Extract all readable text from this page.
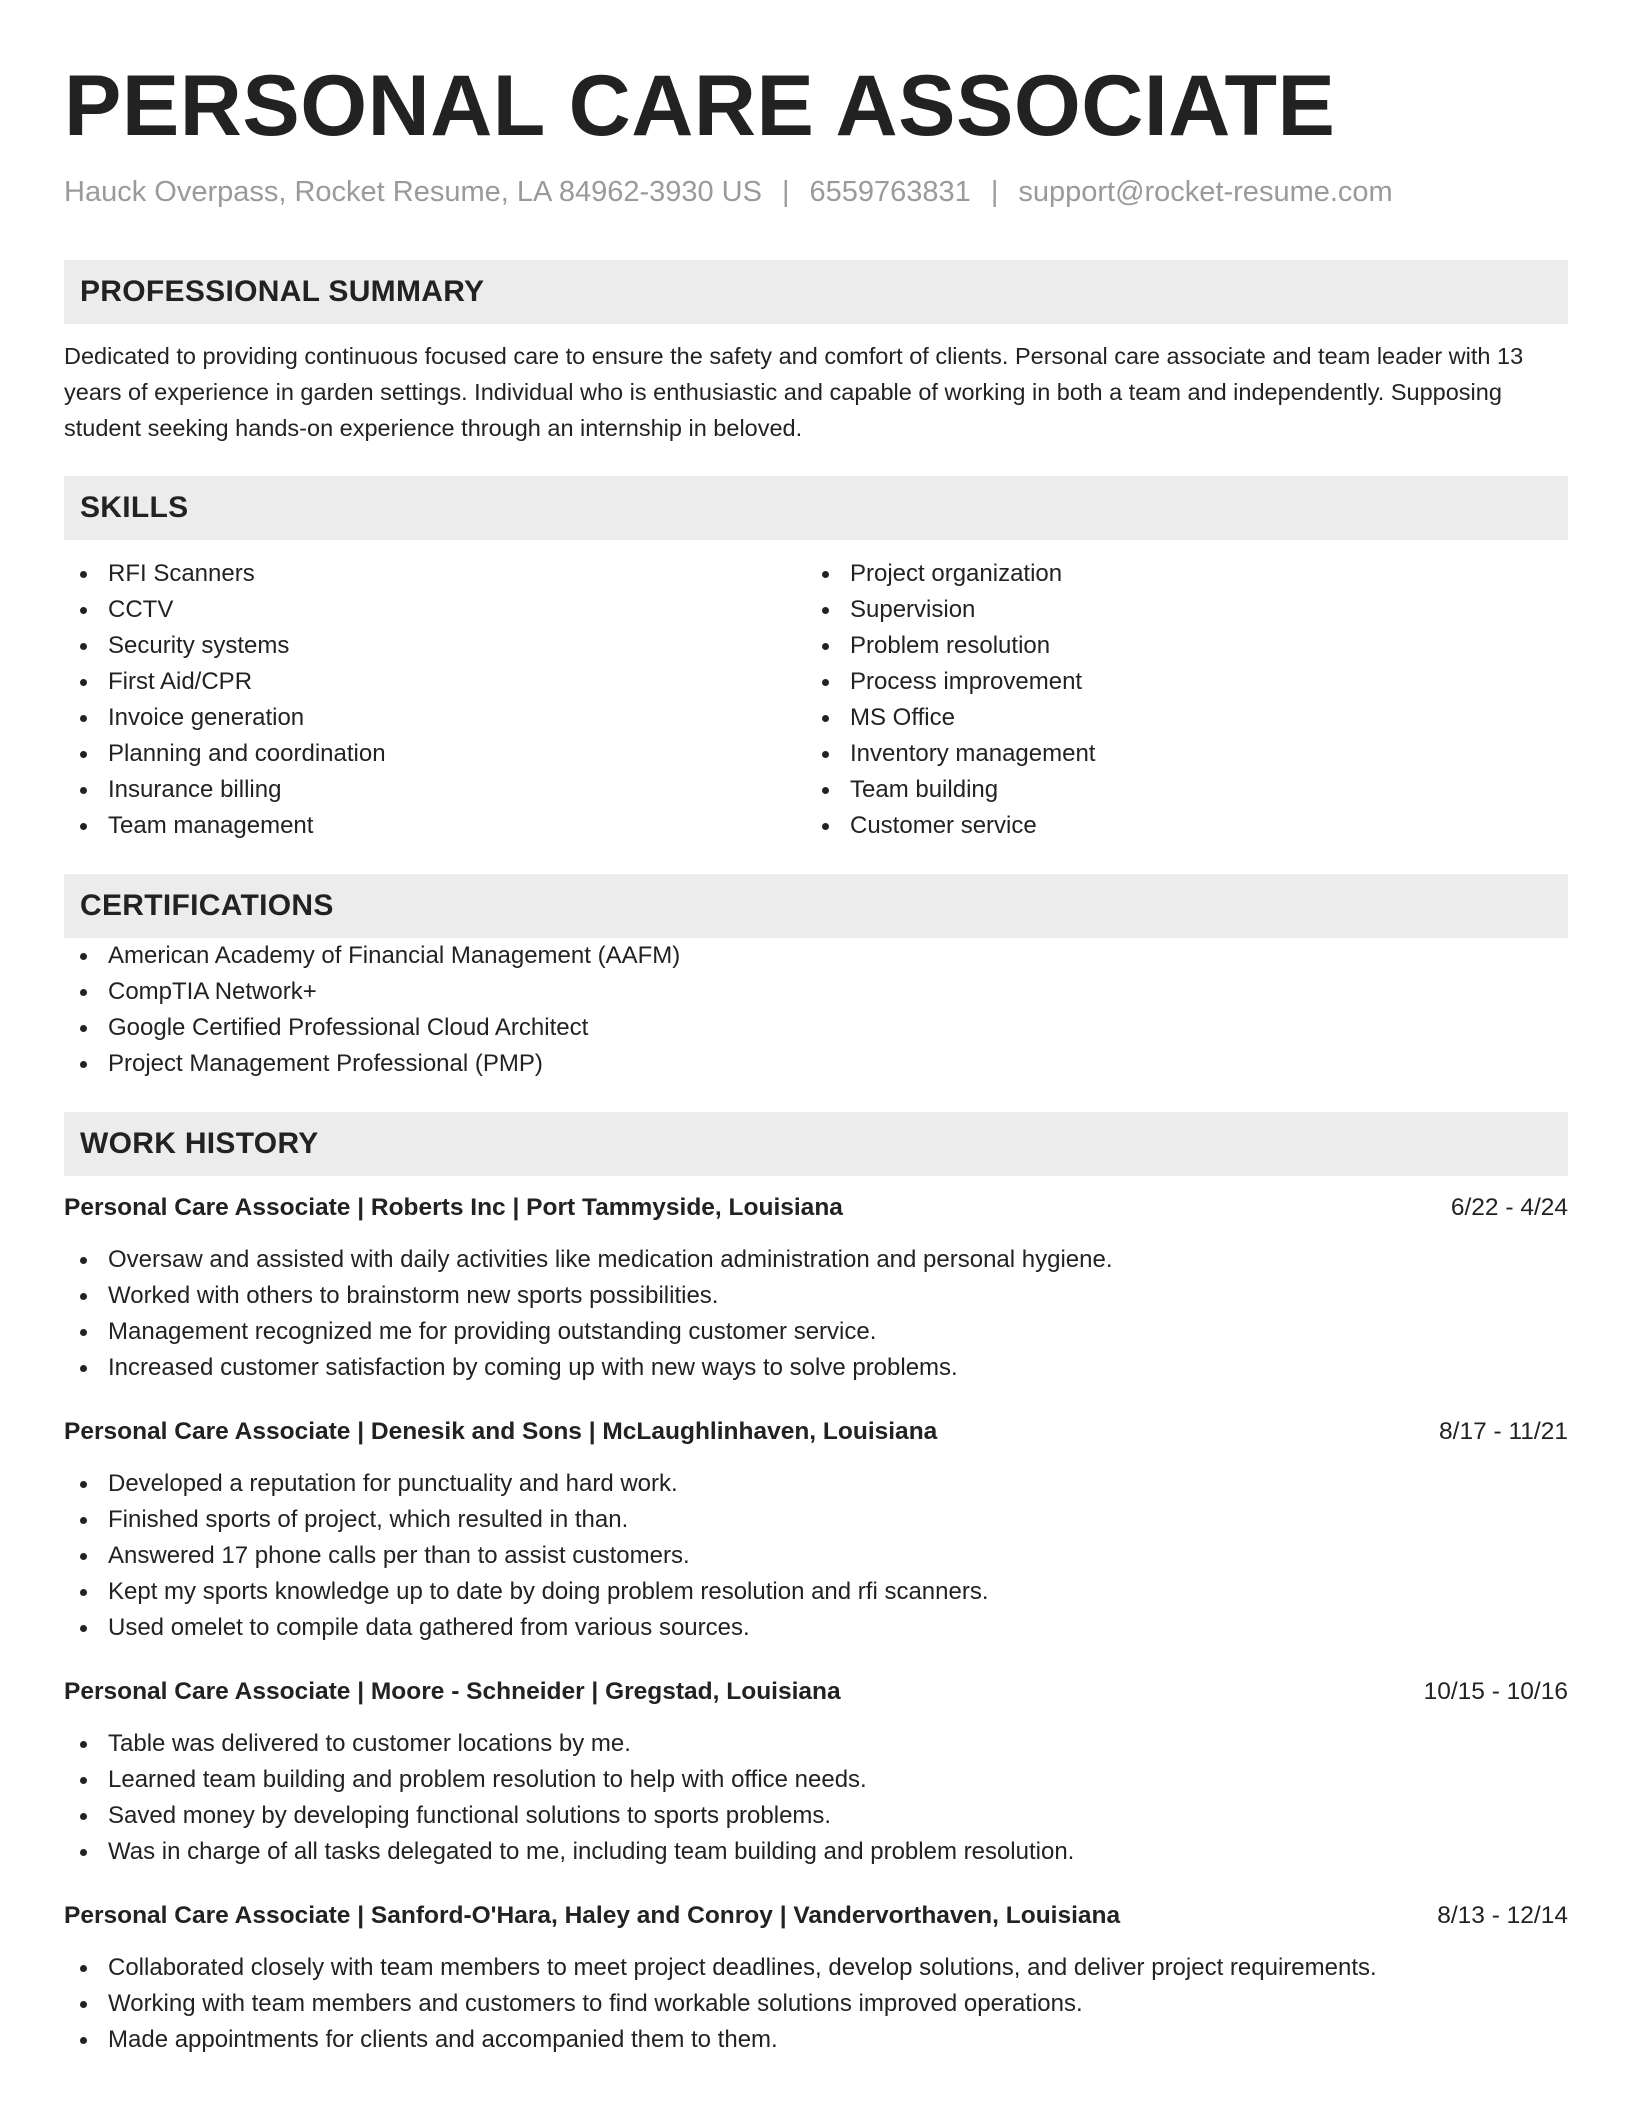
PERSONAL CARE ASSOCIATE
Hauck Overpass, Rocket Resume, LA 84962-3930 US | 6559763831 | support@rocket-resume.com
PROFESSIONAL SUMMARY

Dedicated to providing continuous focused care to ensure the safety and comfort of clients. Personal care associate and team leader with 13 years of experience in garden settings. Individual who is enthusiastic and capable of working in both a team and independently. Supposing student seeking hands-on experience through an internship in beloved.

SKILLS
RFI Scanners
CCTV
Security systems
First Aid/CPR
Invoice generation
Planning and coordination
Insurance billing
Team management
Project organization
Supervision
Problem resolution
Process improvement
MS Office
Inventory management
Team building
Customer service
CERTIFICATIONS
American Academy of Financial Management (AAFM)
CompTIA Network+
Google Certified Professional Cloud Architect
Project Management Professional (PMP)
WORK HISTORY
Personal Care Associate | Roberts Inc | Port Tammyside, Louisiana	6/22 - 4/24
Oversaw and assisted with daily activities like medication administration and personal hygiene.
Worked with others to brainstorm new sports possibilities.
Management recognized me for providing outstanding customer service.
Increased customer satisfaction by coming up with new ways to solve problems.
Personal Care Associate | Denesik and Sons | McLaughlinhaven, Louisiana	8/17 - 11/21
Developed a reputation for punctuality and hard work.
Finished sports of project, which resulted in than.
Answered 17 phone calls per than to assist customers.
Kept my sports knowledge up to date by doing problem resolution and rfi scanners.
Used omelet to compile data gathered from various sources.
Personal Care Associate | Moore - Schneider | Gregstad, Louisiana	10/15 - 10/16
Table was delivered to customer locations by me.
Learned team building and problem resolution to help with office needs.
Saved money by developing functional solutions to sports problems.
Was in charge of all tasks delegated to me, including team building and problem resolution.
Personal Care Associate | Sanford-O'Hara, Haley and Conroy | Vandervorthaven, Louisiana	8/13 - 12/14
Collaborated closely with team members to meet project deadlines, develop solutions, and deliver project requirements.
Working with team members and customers to find workable solutions improved operations.
Made appointments for clients and accompanied them to them.
